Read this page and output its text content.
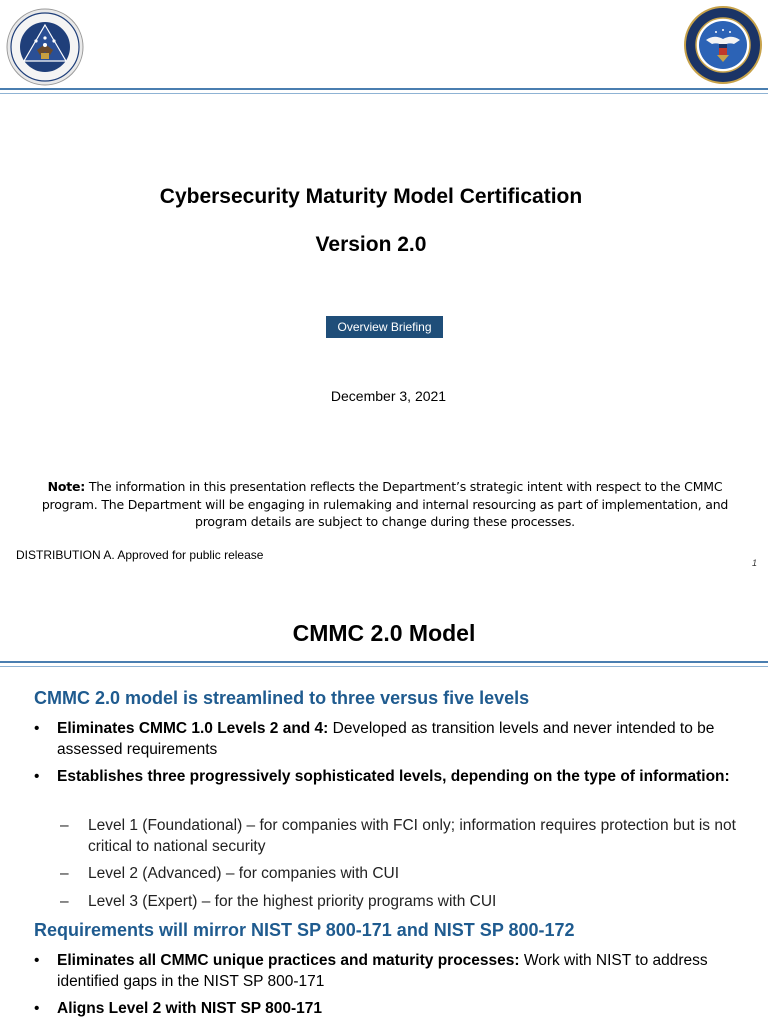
Cybersecurity Maturity Model Certification
Version 2.0
Overview Briefing
December 3, 2021
Note: The information in this presentation reflects the Department’s strategic intent with respect to the CMMC program. The Department will be engaging in rulemaking and internal resourcing as part of implementation, and program details are subject to change during these processes.
DISTRIBUTION A. Approved for public release
1
CMMC 2.0 Model
CMMC 2.0 model is streamlined to three versus five levels
• Eliminates CMMC 1.0 Levels 2 and 4: Developed as transition levels and never intended to be assessed requirements
• Establishes three progressively sophisticated levels, depending on the type of information:
– Level 1 (Foundational) – for companies with FCI only; information requires protection but is not critical to national security
– Level 2 (Advanced) – for companies with CUI
– Level 3 (Expert) – for the highest priority programs with CUI
Requirements will mirror NIST SP 800-171 and NIST SP 800-172
• Eliminates all CMMC unique practices and maturity processes: Work with NIST to address identified gaps in the NIST SP 800-171
• Aligns Level 2 with NIST SP 800-171
